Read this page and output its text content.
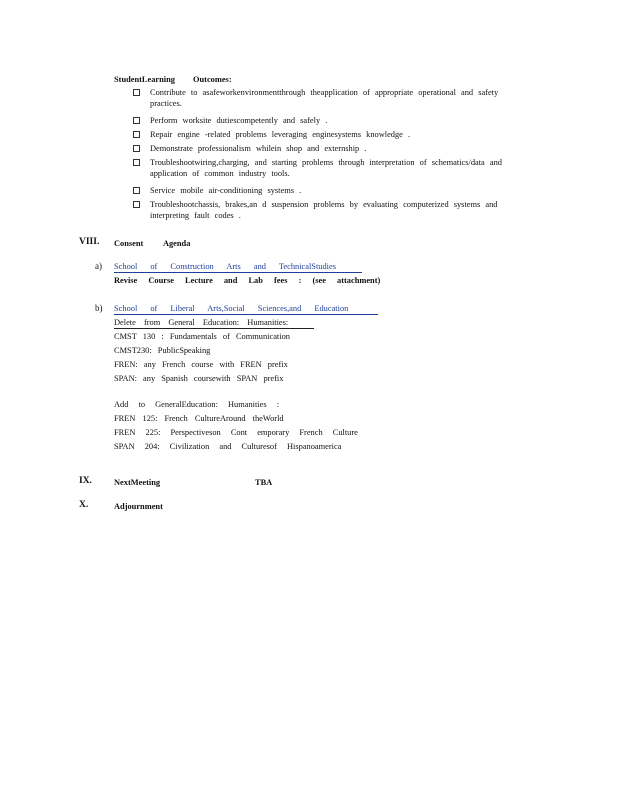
StudentLearning Outcomes:
Contribute to asafeworkenvironmentthrough theapplication of appropriate operational and safety practices.
Perform worksite dutiescompetently and safely .
Repair engine -related problems leveraging enginesystems knowledge .
Demonstrate professionalism whilein shop and externship .
Troubleshootwiring,charging, and starting problems through interpretation of schematics/data and application of common industry tools.
Service mobile air-conditioning systems .
Troubleshootchassis, brakes,an d suspension problems by evaluating computerized systems and interpreting fault codes .
VIII. Consent Agenda
a) School of Construction Arts and TechnicalStudies
Revise Course Lecture and Lab fees : (see attachment)
b) School of Liberal Arts,Social Sciences,and Education
Delete from General Education: Humanities:
CMST 130 : Fundamentals of Communication
CMST230: PublicSpeaking
FREN: any French course with FREN prefix
SPAN: any Spanish coursewith SPAN prefix
Add to GeneralEducation: Humanities :
FREN 125: French CultureAround theWorld
FREN 225: Perspectiveson Cont emporary French Culture
SPAN 204: Civilization and Culturesof Hispanoamerica
IX.	NextMeeting	TBA
X.	Adjournment
